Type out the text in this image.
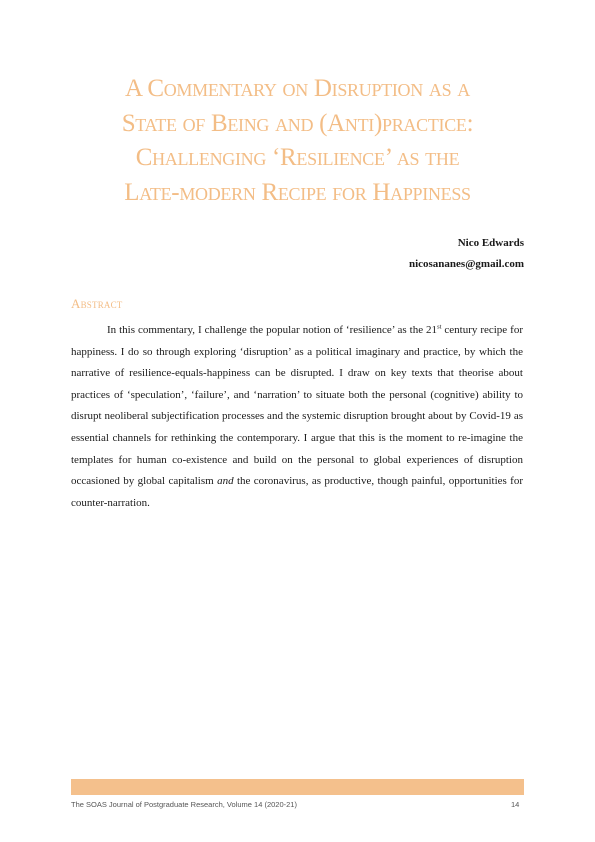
A Commentary on Disruption as a
State of Being and (Anti)practice:
Challenging ‘Resilience’ as the
Late-modern Recipe for Happiness
Nico Edwards
nicosananes@gmail.com
Abstract

In this commentary, I challenge the popular notion of ‘resilience’ as the 21st century recipe for happiness. I do so through exploring ‘disruption’ as a political imaginary and practice, by which the narrative of resilience-equals-happiness can be disrupted. I draw on key texts that theorise about practices of ‘speculation’, ‘failure’, and ‘narration’ to situate both the personal (cognitive) ability to disrupt neoliberal subjectification processes and the systemic disruption brought about by Covid-19 as essential channels for rethinking the contemporary. I argue that this is the moment to re-imagine the templates for human co-existence and build on the personal to global experiences of disruption occasioned by global capitalism and the coronavirus, as productive, though painful, opportunities for counter-narration.

The SOAS Journal of Postgraduate Research, Volume 14 (2020-21)	14
